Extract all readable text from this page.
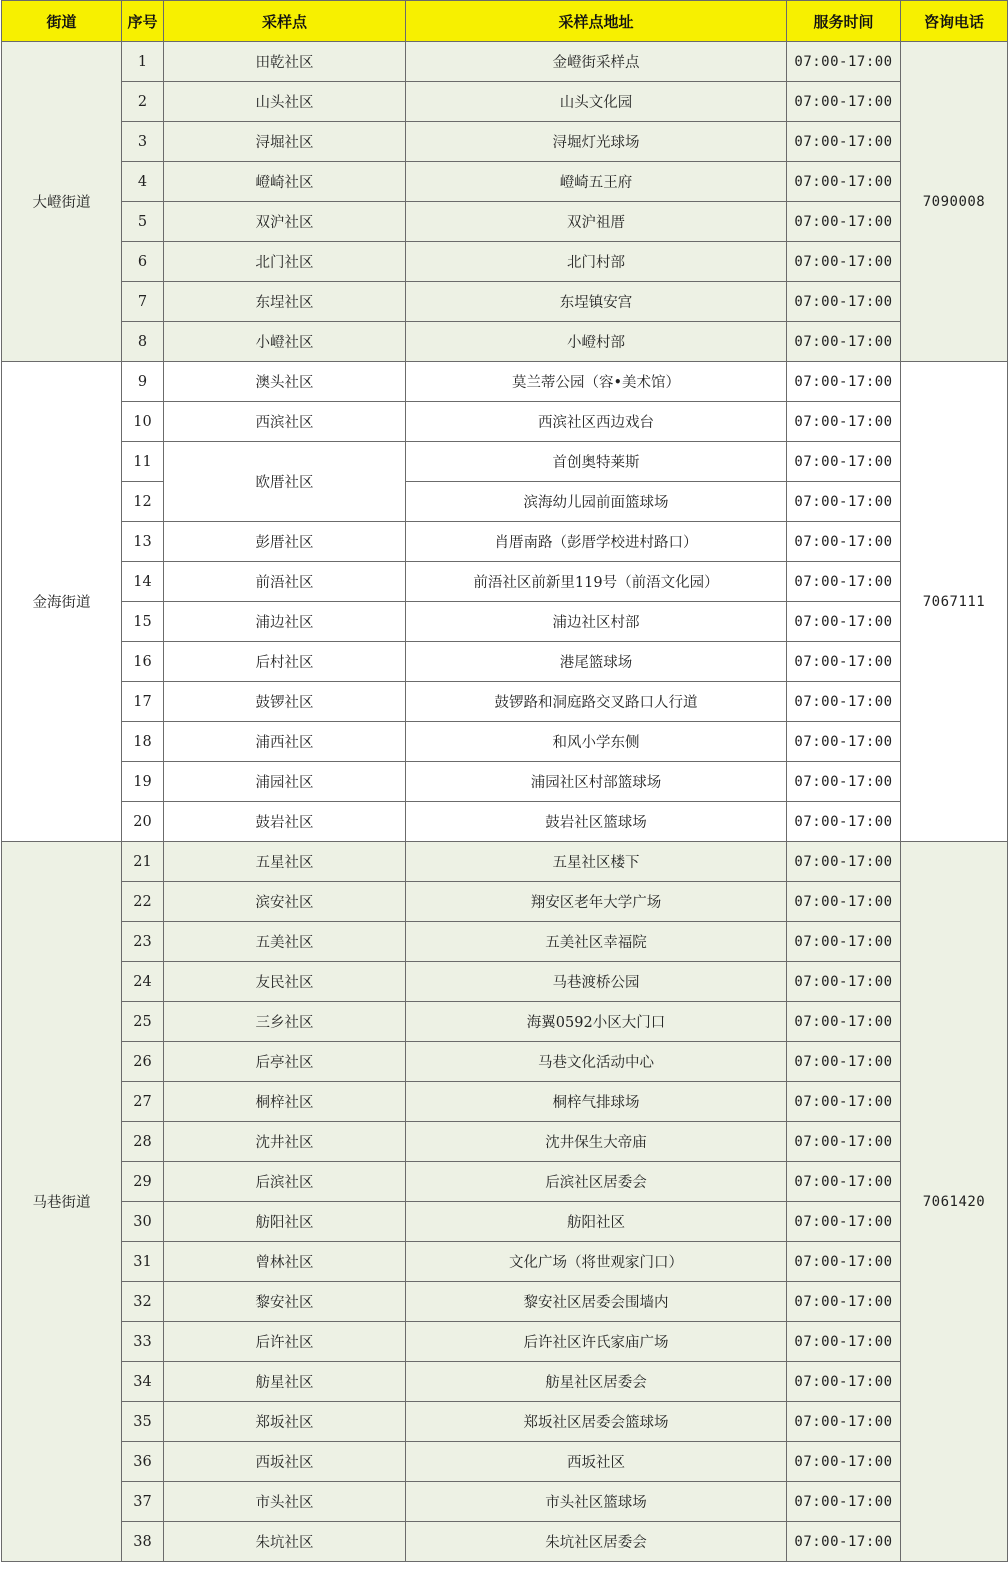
街道	序号	采样点	采样点地址	服务时间	咨询电话
大嶝街道	1	田乾社区	金嶝街采样点	07:00-17:00	7090008
	2	山头社区	山头文化园	07:00-17:00	
	3	浔堀社区	浔堀灯光球场	07:00-17:00	
	4	嶝崎社区	嶝崎五王府	07:00-17:00	
	5	双沪社区	双沪祖厝	07:00-17:00	
	6	北门社区	北门村部	07:00-17:00	
	7	东埕社区	东埕镇安宫	07:00-17:00	
	8	小嶝社区	小嶝村部	07:00-17:00	
金海街道	9	澳头社区	莫兰蒂公园（容•美术馆）	07:00-17:00	7067111
	10	西滨社区	西滨社区西边戏台	07:00-17:00	
	11	欧厝社区	首创奥特莱斯	07:00-17:00	
	12		滨海幼儿园前面篮球场	07:00-17:00	
	13	彭厝社区	肖厝南路（彭厝学校进村路口）	07:00-17:00	
	14	前浯社区	前浯社区前新里119号（前浯文化园）	07:00-17:00	
	15	浦边社区	浦边社区村部	07:00-17:00	
	16	后村社区	港尾篮球场	07:00-17:00	
	17	鼓锣社区	鼓锣路和洞庭路交叉路口人行道	07:00-17:00	
	18	浦西社区	和风小学东侧	07:00-17:00	
	19	浦园社区	浦园社区村部篮球场	07:00-17:00	
	20	鼓岩社区	鼓岩社区篮球场	07:00-17:00	
马巷街道	21	五星社区	五星社区楼下	07:00-17:00	7061420
	22	滨安社区	翔安区老年大学广场	07:00-17:00	
	23	五美社区	五美社区幸福院	07:00-17:00	
	24	友民社区	马巷渡桥公园	07:00-17:00	
	25	三乡社区	海翼0592小区大门口	07:00-17:00	
	26	后亭社区	马巷文化活动中心	07:00-17:00	
	27	桐梓社区	桐梓气排球场	07:00-17:00	
	28	沈井社区	沈井保生大帝庙	07:00-17:00	
	29	后滨社区	后滨社区居委会	07:00-17:00	
	30	舫阳社区	舫阳社区	07:00-17:00	
	31	曾林社区	文化广场（将世观家门口）	07:00-17:00	
	32	黎安社区	黎安社区居委会围墙内	07:00-17:00	
	33	后许社区	后许社区许氏家庙广场	07:00-17:00	
	34	舫星社区	舫星社区居委会	07:00-17:00	
	35	郑坂社区	郑坂社区居委会篮球场	07:00-17:00	
	36	西坂社区	西坂社区	07:00-17:00	
	37	市头社区	市头社区篮球场	07:00-17:00	
	38	朱坑社区	朱坑社区居委会	07:00-17:00	
